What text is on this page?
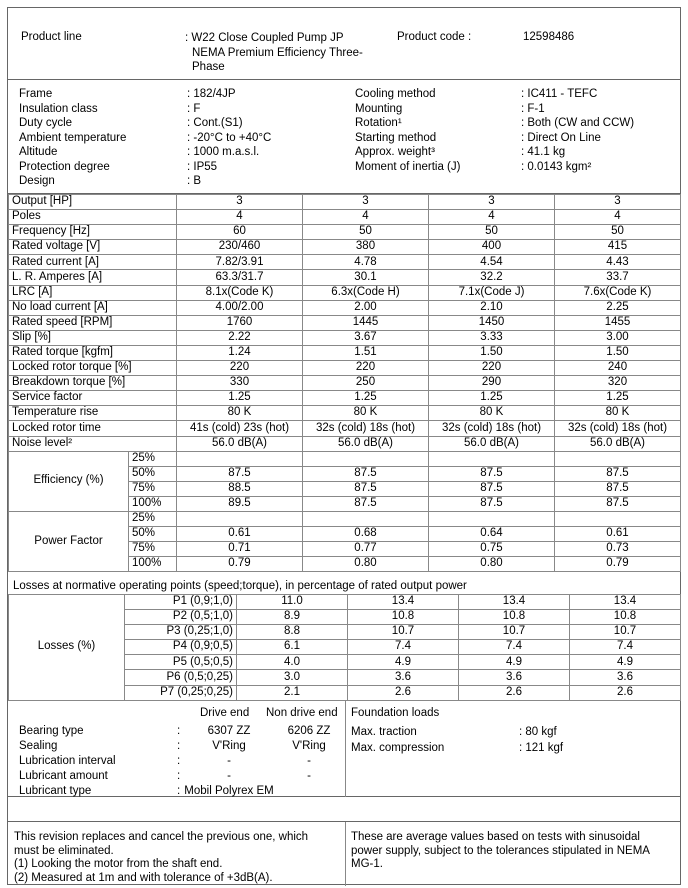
Product line	: W22 Close Coupled Pump JP
NEMA Premium Efficiency Three-
Phase
Product code :	12598486
Frame	: 182/4JP
Insulation class	: F
Duty cycle	: Cont.(S1)
Ambient temperature	: -20°C to +40°C
Altitude	: 1000 m.a.s.l.
Protection degree	: IP55
Design	: B
Cooling method	: IC411 - TEFC
Mounting	: F-1
Rotation¹	: Both (CW and CCW)
Starting method	: Direct On Line
Approx. weight³	: 41.1 kg
Moment of inertia (J)	: 0.0143 kgm²
Output [HP]		3	3	3	3
Poles		4	4	4	4
Frequency [Hz]		60	50	50	50
Rated voltage [V]		230/460	380	400	415
Rated current [A]		7.82/3.91	4.78	4.54	4.43
L. R. Amperes [A]		63.3/31.7	30.1	32.2	33.7
LRC [A]		8.1x(Code K)	6.3x(Code H)	7.1x(Code J)	7.6x(Code K)
No load current [A]		4.00/2.00	2.00	2.10	2.25
Rated speed [RPM]		1760	1445	1450	1455
Slip [%]		2.22	3.67	3.33	3.00
Rated torque [kgfm]		1.24	1.51	1.50	1.50
Locked rotor torque [%]		220	220	220	240
Breakdown torque [%]		330	250	290	320
Service factor		1.25	1.25	1.25	1.25
Temperature rise		80 K	80 K	80 K	80 K
Locked rotor time		41s (cold) 23s (hot)	32s (cold) 18s (hot)	32s (cold) 18s (hot)	32s (cold) 18s (hot)
Noise level²		56.0 dB(A)	56.0 dB(A)	56.0 dB(A)	56.0 dB(A)
Efficiency (%)	25%				
	50%	87.5	87.5	87.5	87.5
	75%	88.5	87.5	87.5	87.5
	100%	89.5	87.5	87.5	87.5
Power Factor	25%				
	50%	0.61	0.68	0.64	0.61
	75%	0.71	0.77	0.75	0.73
	100%	0.79	0.80	0.80	0.79
Losses at normative operating points (speed;torque), in percentage of rated output power
Losses (%)	P1 (0,9;1,0)	11.0	13.4	13.4	13.4
	P2 (0,5;1,0)	8.9	10.8	10.8	10.8
	P3 (0,25;1,0)	8.8	10.7	10.7	10.7
	P4 (0,9;0,5)	6.1	7.4	7.4	7.4
	P5 (0,5;0,5)	4.0	4.9	4.9	4.9
	P6 (0,5;0,25)	3.0	3.6	3.6	3.6
	P7 (0,25;0,25)	2.1	2.6	2.6	2.6
Drive end Non drive end
Bearing type	:	6307 ZZ	6206 ZZ
Sealing	:	V'Ring	V'Ring
Lubrication interval	:	-	-
Lubricant amount	:	-	-
Lubricant type	: Mobil Polyrex EM
Foundation loads
Max. traction	: 80 kgf
Max. compression	: 121 kgf
This revision replaces and cancel the previous one, which
must be eliminated.
(1) Looking the motor from the shaft end.
(2) Measured at 1m and with tolerance of +3dB(A).
These are average values based on tests with sinusoidal
power supply, subject to the tolerances stipulated in NEMA
MG-1.
